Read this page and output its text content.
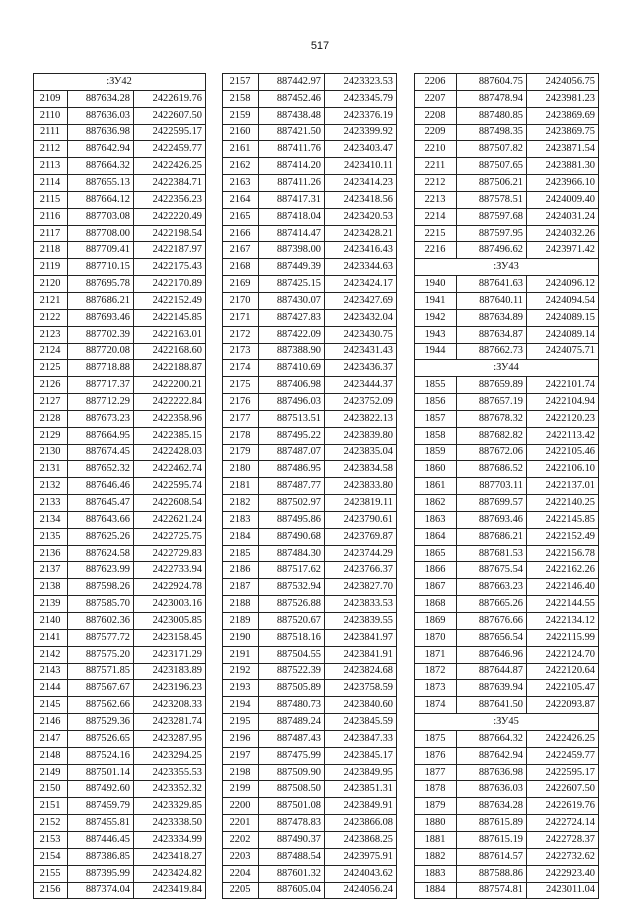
517
:ЗУ42		
2109	887634.28	2422619.76
2110	887636.03	2422607.50
2111	887636.98	2422595.17
2112	887642.94	2422459.77
2113	887664.32	2422426.25
2114	887655.13	2422384.71
2115	887664.12	2422356.23
2116	887703.08	2422220.49
2117	887708.00	2422198.54
2118	887709.41	2422187.97
2119	887710.15	2422175.43
2120	887695.78	2422170.89
2121	887686.21	2422152.49
2122	887693.46	2422145.85
2123	887702.39	2422163.01
2124	887720.08	2422168.60
2125	887718.88	2422188.87
2126	887717.37	2422200.21
2127	887712.29	2422222.84
2128	887673.23	2422358.96
2129	887664.95	2422385.15
2130	887674.45	2422428.03
2131	887652.32	2422462.74
2132	887646.46	2422595.74
2133	887645.47	2422608.54
2134	887643.66	2422621.24
2135	887625.26	2422725.75
2136	887624.58	2422729.83
2137	887623.99	2422733.94
2138	887598.26	2422924.78
2139	887585.70	2423003.16
2140	887602.36	2423005.85
2141	887577.72	2423158.45
2142	887575.20	2423171.29
2143	887571.85	2423183.89
2144	887567.67	2423196.23
2145	887562.66	2423208.33
2146	887529.36	2423281.74
2147	887526.65	2423287.95
2148	887524.16	2423294.25
2149	887501.14	2423355.53
2150	887492.60	2423352.32
2151	887459.79	2423329.85
2152	887455.81	2423338.50
2153	887446.45	2423334.99
2154	887386.85	2423418.27
2155	887395.99	2423424.82
2156	887374.04	2423419.84
2157	887442.97	2423323.53
2158	887452.46	2423345.79
2159	887438.48	2423376.19
2160	887421.50	2423399.92
2161	887411.76	2423403.47
2162	887414.20	2423410.11
2163	887411.26	2423414.23
2164	887417.31	2423418.56
2165	887418.04	2423420.53
2166	887414.47	2423428.21
2167	887398.00	2423416.43
2168	887449.39	2423344.63
2169	887425.15	2423424.17
2170	887430.07	2423427.69
2171	887427.83	2423432.04
2172	887422.09	2423430.75
2173	887388.90	2423431.43
2174	887410.69	2423436.37
2175	887406.98	2423444.37
2176	887496.03	2423752.09
2177	887513.51	2423822.13
2178	887495.22	2423839.80
2179	887487.07	2423835.04
2180	887486.95	2423834.58
2181	887487.77	2423833.80
2182	887502.97	2423819.11
2183	887495.86	2423790.61
2184	887490.68	2423769.87
2185	887484.30	2423744.29
2186	887517.62	2423766.37
2187	887532.94	2423827.70
2188	887526.88	2423833.53
2189	887520.67	2423839.55
2190	887518.16	2423841.97
2191	887504.55	2423841.91
2192	887522.39	2423824.68
2193	887505.89	2423758.59
2194	887480.73	2423840.60
2195	887489.24	2423845.59
2196	887487.43	2423847.33
2197	887475.99	2423845.17
2198	887509.90	2423849.95
2199	887508.50	2423851.31
2200	887501.08	2423849.91
2201	887478.83	2423866.08
2202	887490.37	2423868.25
2203	887488.54	2423975.91
2204	887601.32	2424043.62
2205	887605.04	2424056.24
2206	887604.75	2424056.75
2207	887478.94	2423981.23
2208	887480.85	2423869.69
2209	887498.35	2423869.75
2210	887507.82	2423871.54
2211	887507.65	2423881.30
2212	887506.21	2423966.10
2213	887578.51	2424009.40
2214	887597.68	2424031.24
2215	887597.95	2424032.26
2216	887496.62	2423971.42
:ЗУ43		
1940	887641.63	2424096.12
1941	887640.11	2424094.54
1942	887634.89	2424089.15
1943	887634.87	2424089.14
1944	887662.73	2424075.71
:ЗУ44		
1855	887659.89	2422101.74
1856	887657.19	2422104.94
1857	887678.32	2422120.23
1858	887682.82	2422113.42
1859	887672.06	2422105.46
1860	887686.52	2422106.10
1861	887703.11	2422137.01
1862	887699.57	2422140.25
1863	887693.46	2422145.85
1864	887686.21	2422152.49
1865	887681.53	2422156.78
1866	887675.54	2422162.26
1867	887663.23	2422146.40
1868	887665.26	2422144.55
1869	887676.66	2422134.12
1870	887656.54	2422115.99
1871	887646.96	2422124.70
1872	887644.87	2422120.64
1873	887639.94	2422105.47
1874	887641.50	2422093.87
:ЗУ45		
1875	887664.32	2422426.25
1876	887642.94	2422459.77
1877	887636.98	2422595.17
1878	887636.03	2422607.50
1879	887634.28	2422619.76
1880	887615.89	2422724.14
1881	887615.19	2422728.37
1882	887614.57	2422732.62
1883	887588.86	2422923.40
1884	887574.81	2423011.04
